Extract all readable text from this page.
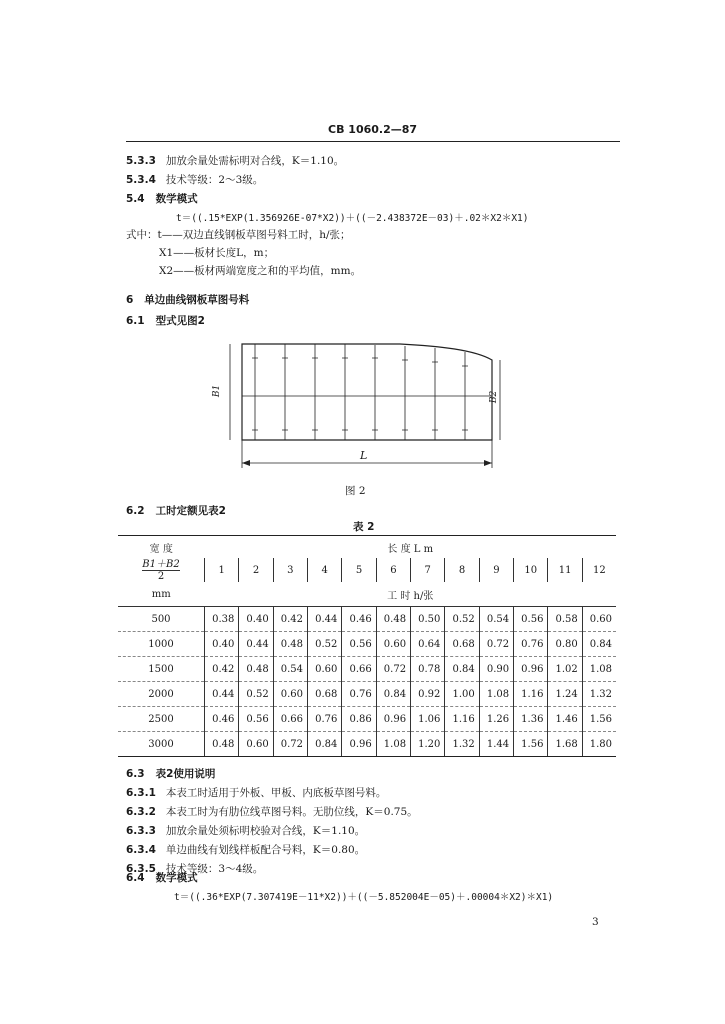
CB 1060.2—87
5.3.3 加放余量处需标明对合线，K＝1.10。
5.3.4 技术等级：2～3级。
5.4 数学模式
t＝((.15*EXP(1.356926E-07*X2))＋((－2.438372E－03)＋.02＊X2＊X1)
式中：t——双边直线钢板草图号料工时，h/张；
X1——板材长度L，m；
X2——板材两端宽度之和的平均值，mm。
6 单边曲线钢板草图号料
6.1 型式见图2
B1	B2
L
图 2
6.2 工时定额见表2
表 2
宽 度	长 度 L m											
B1＋B2
2	1	2	3	4	5	6	7	8	9	10	11	12
mm	工 时 h/张											
500	0.38	0.40	0.42	0.44	0.46	0.48	0.50	0.52	0.54	0.56	0.58	0.60
1000	0.40	0.44	0.48	0.52	0.56	0.60	0.64	0.68	0.72	0.76	0.80	0.84
1500	0.42	0.48	0.54	0.60	0.66	0.72	0.78	0.84	0.90	0.96	1.02	1.08
2000	0.44	0.52	0.60	0.68	0.76	0.84	0.92	1.00	1.08	1.16	1.24	1.32
2500	0.46	0.56	0.66	0.76	0.86	0.96	1.06	1.16	1.26	1.36	1.46	1.56
3000	0.48	0.60	0.72	0.84	0.96	1.08	1.20	1.32	1.44	1.56	1.68	1.80
6.3 表2使用说明
6.3.1 本表工时适用于外板、甲板、内底板草图号料。
6.3.2 本表工时为有肋位线草图号料。无肋位线，K＝0.75。
6.3.3 加放余量处须标明校验对合线，K＝1.10。
6.3.4 单边曲线有划线样板配合号料，K＝0.80。
6.3.5 技术等级：3～4级。
6.4 数学模式
t＝((.36*EXP(7.307419E－11*X2))＋((－5.852004E－05)＋.00004＊X2)＊X1)
3
